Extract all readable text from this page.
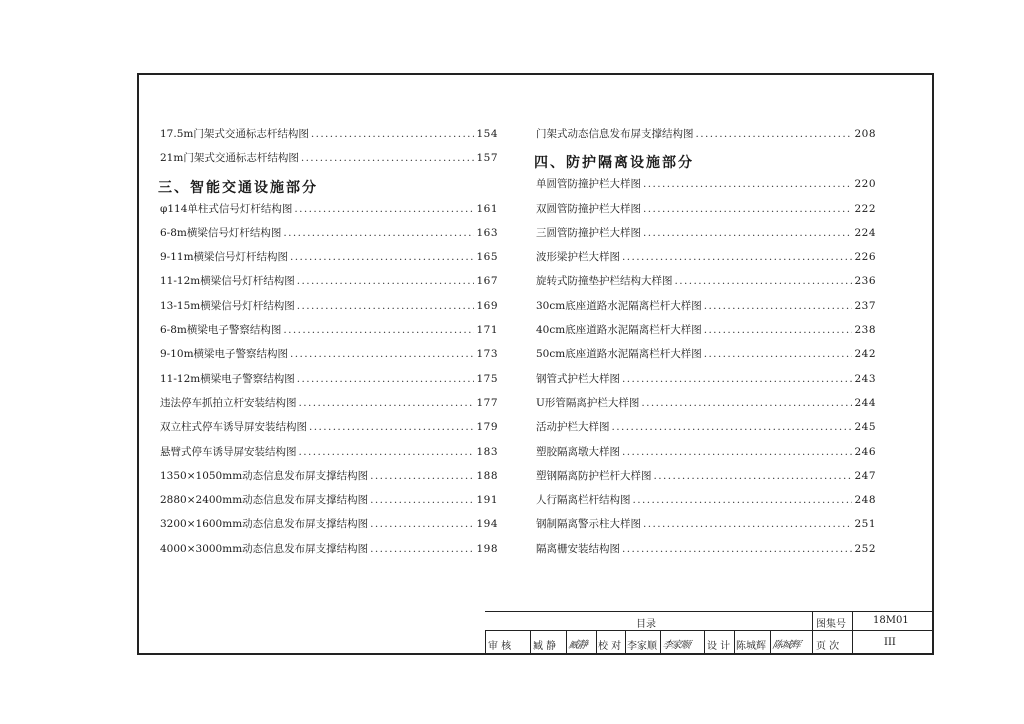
17.5m门架式交通标志杆结构图 .....	154
21m门架式交通标志杆结构图 .....	157
三、智能交通设施部分
φ114单柱式信号灯杆结构图 .....	161
6-8m横梁信号灯杆结构图 .....	163
9-11m横梁信号灯杆结构图 .....	165
11-12m横梁信号灯杆结构图 .....	167
13-15m横梁信号灯杆结构图 .....	169
6-8m横梁电子警察结构图 .....	171
9-10m横梁电子警察结构图 .....	173
11-12m横梁电子警察结构图 .....	175
违法停车抓拍立杆安装结构图 .....	177
双立柱式停车诱导屏安装结构图 .....	179
悬臂式停车诱导屏安装结构图 .....	183
1350×1050mm动态信息发布屏支撑结构图 .....	188
2880×2400mm动态信息发布屏支撑结构图 .....	191
3200×1600mm动态信息发布屏支撑结构图 .....	194
4000×3000mm动态信息发布屏支撑结构图 .....	198
门架式动态信息发布屏支撑结构图 .....	208
四、防护隔离设施部分
单圆管防撞护栏大样图 .....	220
双圆管防撞护栏大样图 .....	222
三圆管防撞护栏大样图 .....	224
波形梁护栏大样图 .....	226
旋转式防撞垫护栏结构大样图 .....	236
30cm底座道路水泥隔离栏杆大样图 .....	237
40cm底座道路水泥隔离栏杆大样图 .....	238
50cm底座道路水泥隔离栏杆大样图 .....	242
钢管式护栏大样图 .....	243
U形管隔离护栏大样图 .....	244
活动护栏大样图 .....	245
塑胶隔离墩大样图 .....	246
塑钢隔离防护栏杆大样图 .....	247
人行隔离栏杆结构图 .....	248
钢制隔离警示柱大样图 .....	251
隔离栅安装结构图 .....	252
目录	图集号	18M01
审 核 臧 静 臧静 校 对 李家顺 李家顺 设 计 陈城辉 陈城辉 页 次	III
